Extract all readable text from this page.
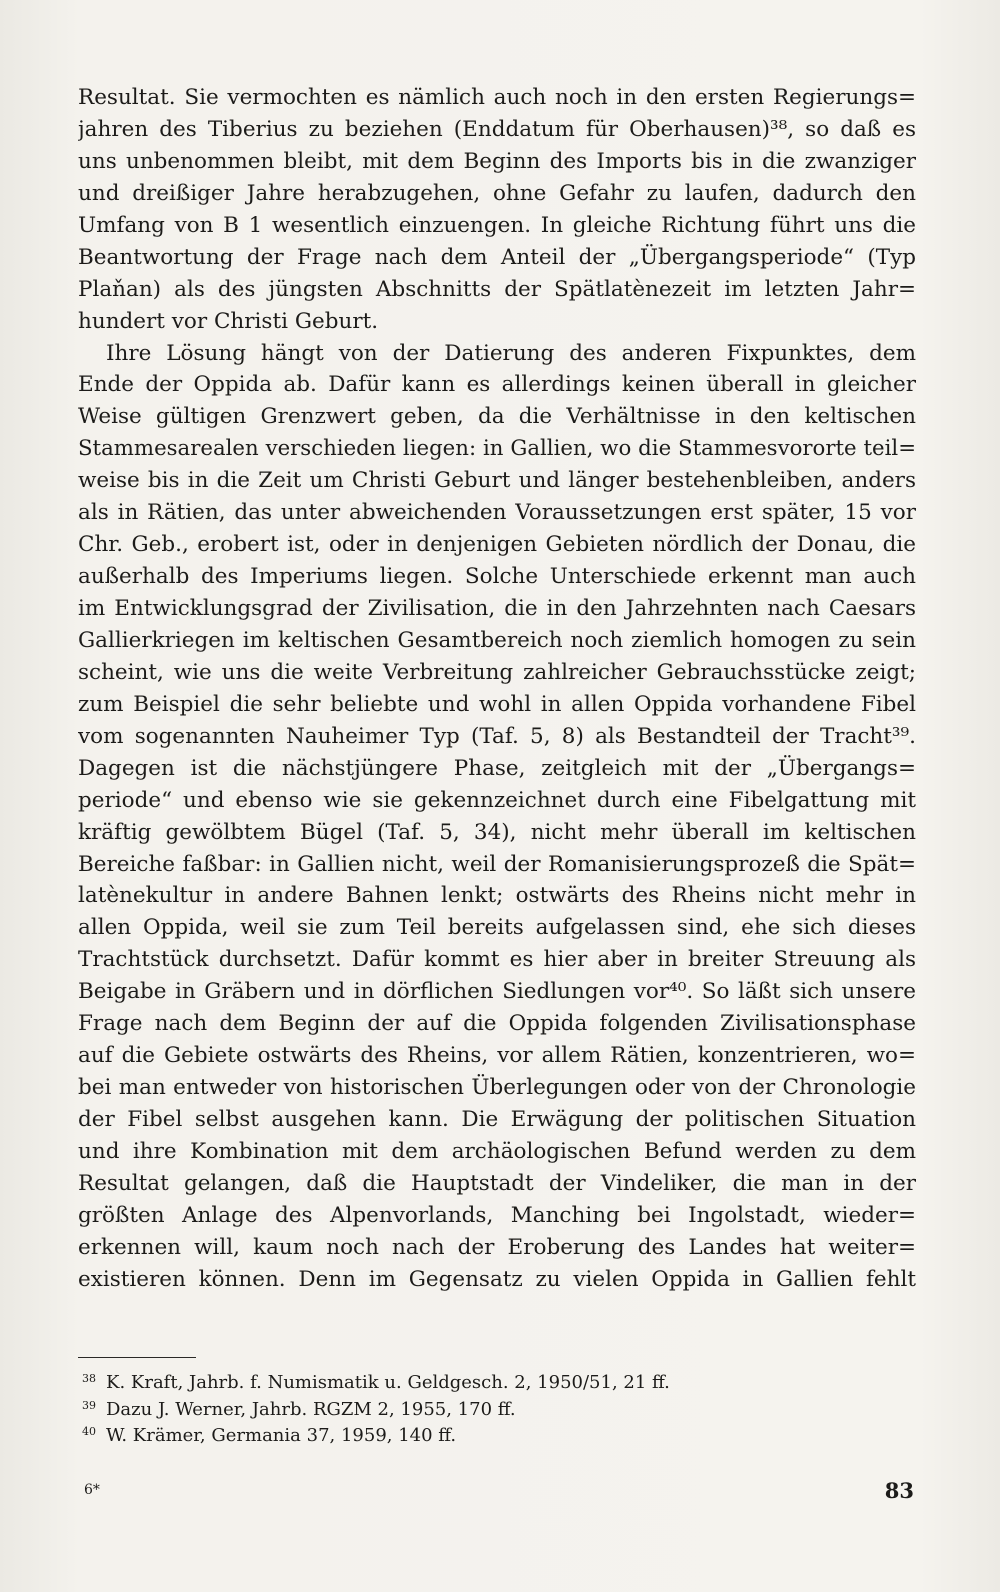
Resultat. Sie vermochten es nämlich auch noch in den ersten Regierungs=
jahren des Tiberius zu beziehen (Enddatum für Oberhausen)³⁸, so daß es
uns unbenommen bleibt, mit dem Beginn des Imports bis in die zwanziger
und dreißiger Jahre herabzugehen, ohne Gefahr zu laufen, dadurch den
Umfang von B 1 wesentlich einzuengen. In gleiche Richtung führt uns die
Beantwortung der Frage nach dem Anteil der „Übergangsperiode“ (Typ
Plaňan) als des jüngsten Abschnitts der Spätlatènezeit im letzten Jahr=
hundert vor Christi Geburt.
Ihre Lösung hängt von der Datierung des anderen Fixpunktes, dem
Ende der Oppida ab. Dafür kann es allerdings keinen überall in gleicher
Weise gültigen Grenzwert geben, da die Verhältnisse in den keltischen
Stammesarealen verschieden liegen: in Gallien, wo die Stammesvororte teil=
weise bis in die Zeit um Christi Geburt und länger bestehenbleiben, anders
als in Rätien, das unter abweichenden Voraussetzungen erst später, 15 vor
Chr. Geb., erobert ist, oder in denjenigen Gebieten nördlich der Donau, die
außerhalb des Imperiums liegen. Solche Unterschiede erkennt man auch
im Entwicklungsgrad der Zivilisation, die in den Jahrzehnten nach Caesars
Gallierkriegen im keltischen Gesamtbereich noch ziemlich homogen zu sein
scheint, wie uns die weite Verbreitung zahlreicher Gebrauchsstücke zeigt;
zum Beispiel die sehr beliebte und wohl in allen Oppida vorhandene Fibel
vom sogenannten Nauheimer Typ (Taf. 5, 8) als Bestandteil der Tracht³⁹.
Dagegen ist die nächstjüngere Phase, zeitgleich mit der „Übergangs=
periode“ und ebenso wie sie gekennzeichnet durch eine Fibelgattung mit
kräftig gewölbtem Bügel (Taf. 5, 34), nicht mehr überall im keltischen
Bereiche faßbar: in Gallien nicht, weil der Romanisierungsprozeß die Spät=
latènekultur in andere Bahnen lenkt; ostwärts des Rheins nicht mehr in
allen Oppida, weil sie zum Teil bereits aufgelassen sind, ehe sich dieses
Trachtstück durchsetzt. Dafür kommt es hier aber in breiter Streuung als
Beigabe in Gräbern und in dörflichen Siedlungen vor⁴⁰. So läßt sich unsere
Frage nach dem Beginn der auf die Oppida folgenden Zivilisationsphase
auf die Gebiete ostwärts des Rheins, vor allem Rätien, konzentrieren, wo=
bei man entweder von historischen Überlegungen oder von der Chronologie
der Fibel selbst ausgehen kann. Die Erwägung der politischen Situation
und ihre Kombination mit dem archäologischen Befund werden zu dem
Resultat gelangen, daß die Hauptstadt der Vindeliker, die man in der
größten Anlage des Alpenvorlands, Manching bei Ingolstadt, wieder=
erkennen will, kaum noch nach der Eroberung des Landes hat weiter=
existieren können. Denn im Gegensatz zu vielen Oppida in Gallien fehlt
$^{38}$ K. Kraft, Jahrb. f. Numismatik u. Geldgesch. 2, 1950/51, 21 ff.
$^{39}$ Dazu J. Werner, Jahrb. RGZM 2, 1955, 170 ff.
$^{40}$ W. Krämer, Germania 37, 1959, 140 ff.
6*	83
